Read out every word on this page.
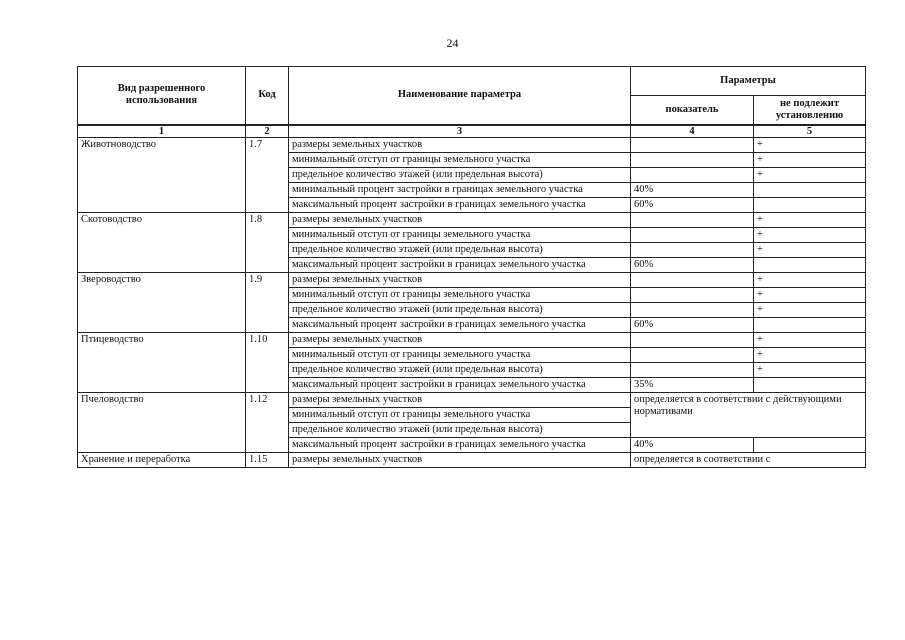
24
Вид разрешенного использования	Код	Наименование параметра	Параметры	
			показатель	не подлежит установлению
1	2	3	4	5
Животноводство	1.7	размеры земельных участков		+
		минимальный отступ от границы земельного участка		+
		предельное количество этажей (или предельная высота)		+
		минимальный процент застройки в границах земельного участка	40%	
		максимальный процент застройки в границах земельного участка	60%	
Скотоводство	1.8	размеры земельных участков		+
		минимальный отступ от границы земельного участка		+
		предельное количество этажей (или предельная высота)		+
		максимальный процент застройки в границах земельного участка	60%	
Звероводство	1.9	размеры земельных участков		+
		минимальный отступ от границы земельного участка		+
		предельное количество этажей (или предельная высота)		+
		максимальный процент застройки в границах земельного участка	60%	
Птицеводство	1.10	размеры земельных участков		+
		минимальный отступ от границы земельного участка		+
		предельное количество этажей (или предельная высота)		+
		максимальный процент застройки в границах земельного участка	35%	
Пчеловодство	1.12	размеры земельных участков	определяется в соответствии с действующими нормативами	
		минимальный отступ от границы земельного участка		
		предельное количество этажей (или предельная высота)		
		максимальный процент застройки в границах земельного участка	40%	
Хранение и переработка	1.15	размеры земельных участков	определяется в соответствии с	
